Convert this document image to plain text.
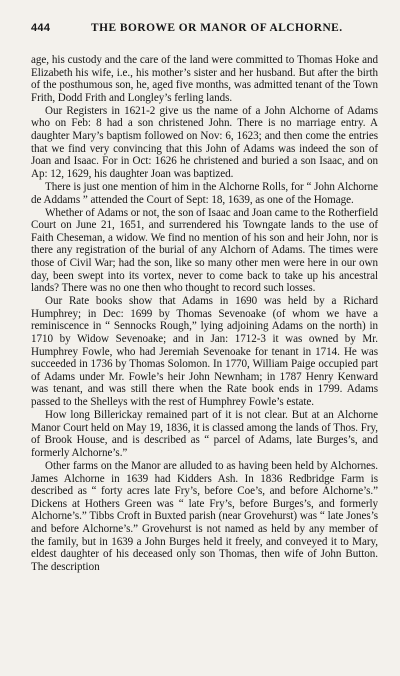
444	THE BOROWE OR MANOR OF ALCHORNE.

age, his custody and the care of the land were committed to Thomas Hoke and Elizabeth his wife, i.e., his mother’s sister and her husband. But after the birth of the posthumous son, he, aged five months, was admitted tenant of the Town Frith, Dodd Frith and Longley’s ferling lands.

Our Registers in 1621-2 give us the name of a John Alchorne of Adams who on Feb: 8 had a son christened John. There is no marriage entry. A daughter Mary’s baptism followed on Nov: 6, 1623; and then come the entries that we find very convincing that this John of Adams was indeed the son of Joan and Isaac. For in Oct: 1626 he christened and buried a son Isaac, and on Ap: 12, 1629, his daughter Joan was baptized.

There is just one mention of him in the Alchorne Rolls, for “ John Alchorne de Addams ” attended the Court of Sept: 18, 1639, as one of the Homage.

Whether of Adams or not, the son of Isaac and Joan came to the Rotherfield Court on June 21, 1651, and surrendered his Towngate lands to the use of Faith Cheseman, a widow. We find no mention of his son and heir John, nor is there any registration of the burial of any Alchorn of Adams. The times were those of Civil War; had the son, like so many other men were here in our own day, been swept into its vortex, never to come back to take up his ancestral lands? There was no one then who thought to record such losses.

Our Rate books show that Adams in 1690 was held by a Richard Humphrey; in Dec: 1699 by Thomas Sevenoake (of whom we have a reminiscence in “ Sennocks Rough,” lying adjoining Adams on the north) in 1710 by Widow Sevenoake; and in Jan: 1712-3 it was owned by Mr. Humphrey Fowle, who had Jeremiah Sevenoake for tenant in 1714. He was succeeded in 1736 by Thomas Solomon. In 1770, William Paige occupied part of Adams under Mr. Fowle’s heir John Newnham; in 1787 Henry Kenward was tenant, and was still there when the Rate book ends in 1799. Adams passed to the Shelleys with the rest of Humphrey Fowle’s estate.

How long Billerickay remained part of it is not clear. But at an Alchorne Manor Court held on May 19, 1836, it is classed among the lands of Thos. Fry, of Brook House, and is described as “ parcel of Adams, late Burges’s, and formerly Alchorne’s.”

Other farms on the Manor are alluded to as having been held by Alchornes. James Alchorne in 1639 had Kidders Ash. In 1836 Redbridge Farm is described as “ forty acres late Fry’s, before Coe’s, and before Alchorne’s.” Dickens at Hothers Green was “ late Fry’s, before Burges’s, and formerly Alchorne’s.” Tibbs Croft in Buxted parish (near Grovehurst) was “ late Jones’s and before Alchorne’s.” Grovehurst is not named as held by any member of the family, but in 1639 a John Burges held it freely, and conveyed it to Mary, eldest daughter of his deceased only son Thomas, then wife of John Button. The description
